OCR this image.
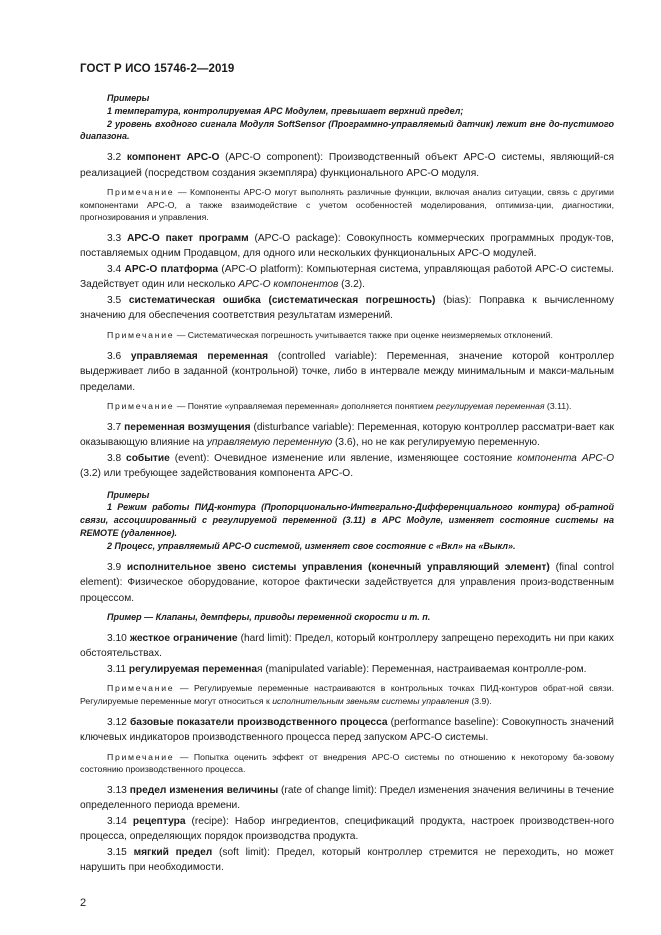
ГОСТ Р ИСО 15746-2—2019

Примеры

1 температура, контролируемая АРС Модулем, превышает верхний предел;

2 уровень входного сигнала Модуля SoftSensor (Программно-управляемый датчик) лежит вне до-пустимого диапазона.

3.2 компонент APC-O (APC-O component): Производственный объект APC-O системы, являющий-ся реализацией (посредством создания экземпляра) функционального APC-O модуля.

Примечание — Компоненты APC-O могут выполнять различные функции, включая анализ ситуации, связь с другими компонентами APC-O, а также взаимодействие с учетом особенностей моделирования, оптимиза-ции, диагностики, прогнозирования и управления.

3.3 APC-O пакет программ (APC-O package): Совокупность коммерческих программных продук-тов, поставляемых одним Продавцом, для одного или нескольких функциональных APC-O модулей.

3.4 APC-O платформа (APC-O platform): Компьютерная система, управляющая работой APC-O системы. Задействует один или несколько APC-O компонентов (3.2).

3.5 систематическая ошибка (систематическая погрешность) (bias): Поправка к вычисленному значению для обеспечения соответствия результатам измерений.

Примечание — Систематическая погрешность учитывается также при оценке неизмеряемых отклонений.

3.6 управляемая переменная (controlled variable): Переменная, значение которой контроллер выдерживает либо в заданной (контрольной) точке, либо в интервале между минимальным и макси-мальным пределами.

Примечание — Понятие «управляемая переменная» дополняется понятием регулируемая переменная (3.11).

3.7 переменная возмущения (disturbance variable): Переменная, которую контроллер рассматри-вает как оказывающую влияние на управляемую переменную (3.6), но не как регулируемую переменную.

3.8 событие (event): Очевидное изменение или явление, изменяющее состояние компонента APC-O (3.2) или требующее задействования компонента APC-O.

Примеры

1 Режим работы ПИД-контура (Пропорционально-Интегрально-Дифференциального контура) об-ратной связи, ассоциированный с регулируемой переменной (3.11) в APC Модуле, изменяет состояние системы на REMOTE (удаленное).

2 Процесс, управляемый APC-O системой, изменяет свое состояние с «Вкл» на «Выкл».

3.9 исполнительное звено системы управления (конечный управляющий элемент) (final control element): Физическое оборудование, которое фактически задействуется для управления произ-водственным процессом.

Пример — Клапаны, демпферы, приводы переменной скорости и т. п.

3.10 жесткое ограничение (hard limit): Предел, который контроллеру запрещено переходить ни при каких обстоятельствах.

3.11 регулируемая переменная (manipulated variable): Переменная, настраиваемая контролле-ром.

Примечание — Регулируемые переменные настраиваются в контрольных точках ПИД-контуров обрат-ной связи. Регулируемые переменные могут относиться к исполнительным звеньям системы управления (3.9).

3.12 базовые показатели производственного процесса (performance baseline): Совокупность значений ключевых индикаторов производственного процесса перед запуском APC-O системы.

Примечание — Попытка оценить эффект от внедрения APC-O системы по отношению к некоторому ба-зовому состоянию производственного процесса.

3.13 предел изменения величины (rate of change limit): Предел изменения значения величины в течение определенного периода времени.

3.14 рецептура (recipe): Набор ингредиентов, спецификаций продукта, настроек производствен-ного процесса, определяющих порядок производства продукта.

3.15 мягкий предел (soft limit): Предел, который контроллер стремится не переходить, но может нарушить при необходимости.

2
